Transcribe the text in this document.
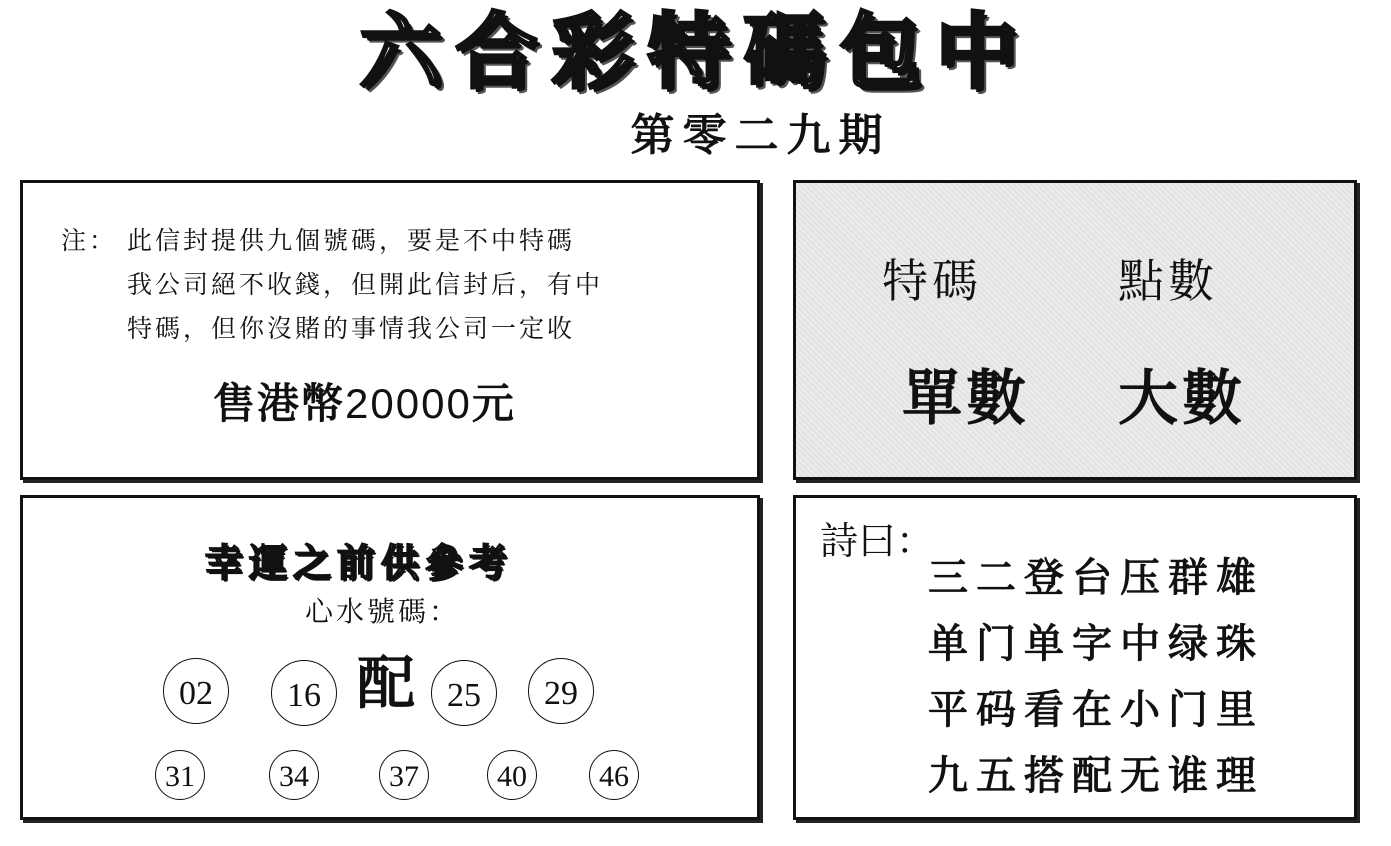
六合彩特碼包中
第零二九期
注： 此信封提供九個號碼，要是不中特碼
我公司絕不收錢，但開此信封后，有中
特碼，但你沒賭的事情我公司一定收
售港幣20000元
特碼	點數
單數 大數
幸運之前供參考
心水號碼：
配
02	16	25	29
31	34	37	40	46
詩曰：
三二登台压群雄
单门单字中绿珠
平码看在小门里
九五搭配无谁理
